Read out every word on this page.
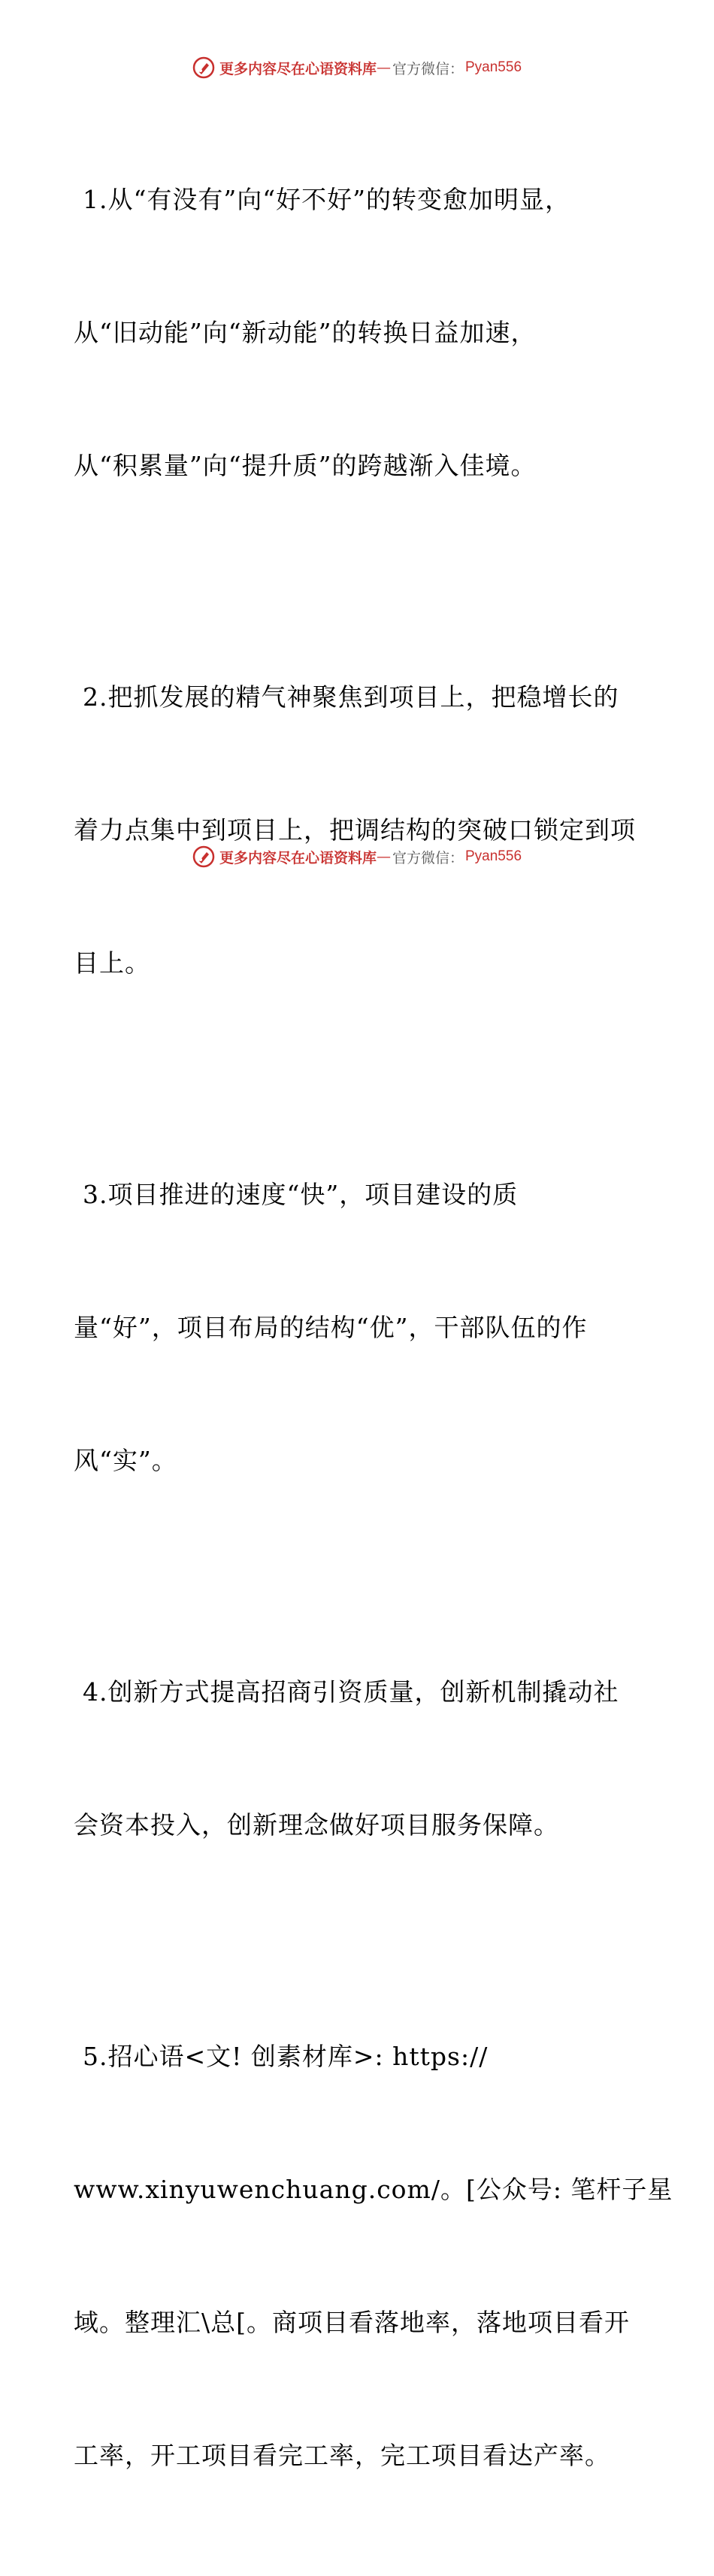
更多内容尽在心语资料库 — 官方微信： Pyan556

1.从“有没有”向“好不好”的转变愈加明显，

从“旧动能”向“新动能”的转换日益加速，

从“积累量”向“提升质”的跨越渐入佳境。

2.把抓发展的精气神聚焦到项目上，把稳增长的

着力点集中到项目上，把调结构的突破口锁定到项

目上。

3.项目推进的速度“快”，项目建设的质

量“好”，项目布局的结构“优”，干部队伍的作

风“实”。

4.创新方式提高招商引资质量，创新机制撬动社

会资本投入，创新理念做好项目服务保障。

5.招心语<文! 创素材库>: https://

www.xinyuwenchuang.com/。[公众号: 笔杆子星

域。整理汇\总[。商项目看落地率，落地项目看开

工率，开工项目看完工率，完工项目看达产率。

更多内容尽在心语资料库 — 官方微信： Pyan556
